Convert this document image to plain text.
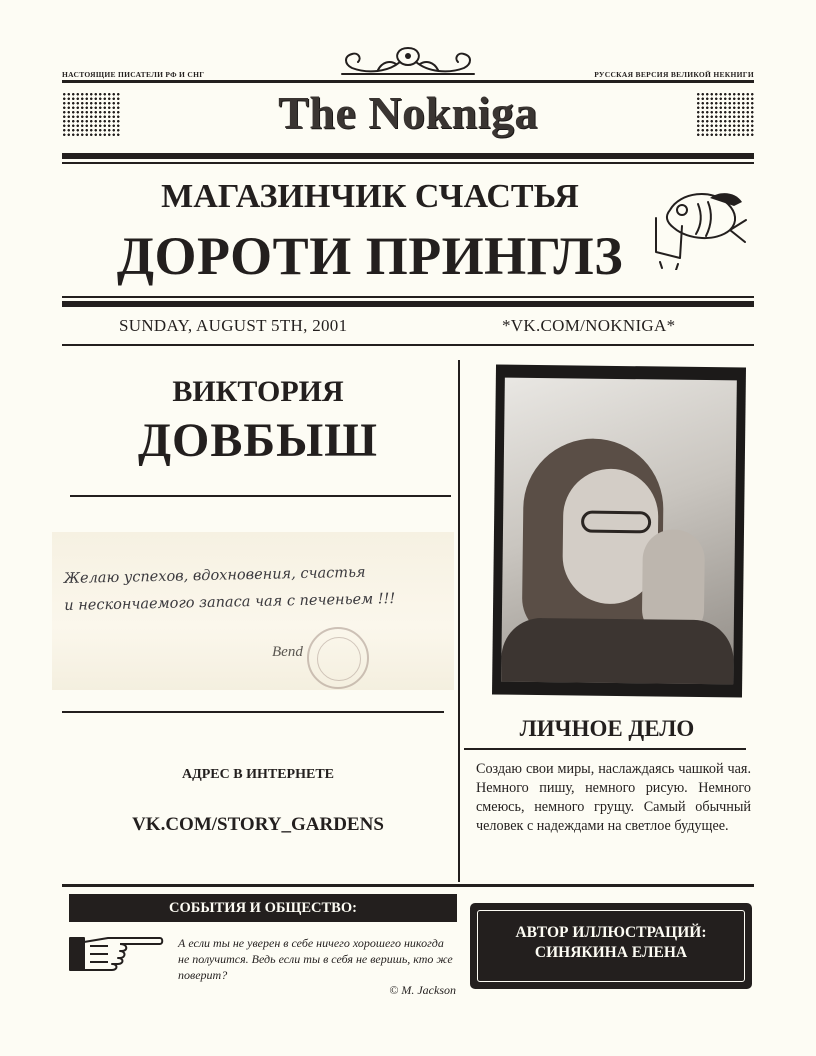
НАСТОЯЩИЕ ПИСАТЕЛИ РФ И СНГ	РУССКАЯ ВЕРСИЯ ВЕЛИКОЙ НЕКНИГИ
The Nokniga
МАГАЗИНЧИК СЧАСТЬЯ
ДОРОТИ ПРИНГЛЗ
SUNDAY, AUGUST 5TH, 2001	*VK.COM/NOKNIGA*
ВИКТОРИЯ
ДОВБЫШ
Желаю успехов, вдохновения, счастья
и нескончаемого запаса чая с печеньем !!!
Веnd
АДРЕС В ИНТЕРНЕТЕ
VK.COM/STORY_GARDENS
ЛИЧНОЕ ДЕЛО
Создаю свои миры, наслаждаясь чашкой чая. Немного пишу, немного рисую. Немного смеюсь, немного грущу. Самый обычный человек с надеждами на светлое будущее.
СОБЫТИЯ И ОБЩЕСТВО:
А если ты не уверен в себе ничего хорошего никогда не получится. Ведь если ты в себя не веришь, кто же поверит?
© M. Jackson
АВТОР ИЛЛЮСТРАЦИЙ:
СИНЯКИНА ЕЛЕНА
